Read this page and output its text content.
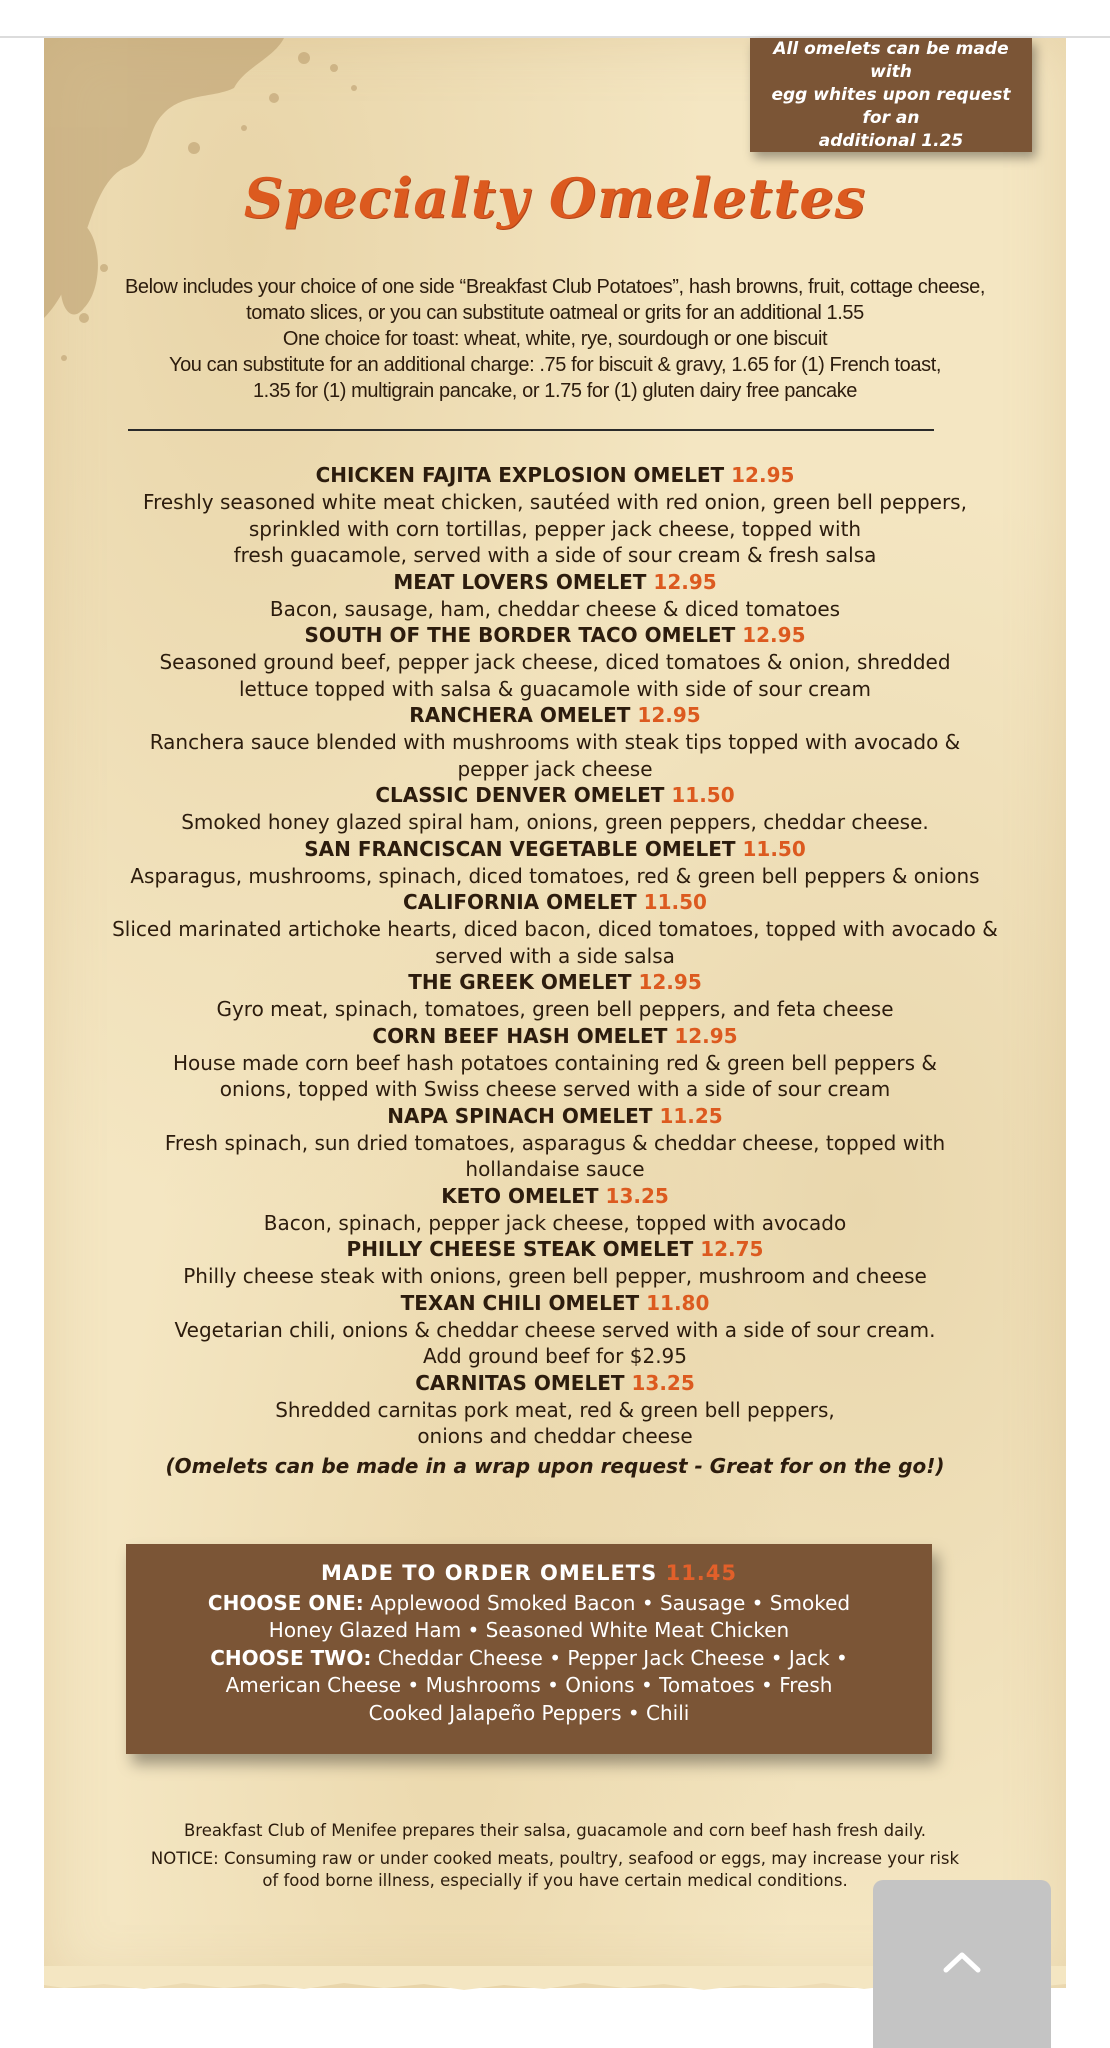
All omelets can be made with
egg whites upon request for an
additional 1.25
Specialty Omelettes
Below includes your choice of one side “Breakfast Club Potatoes”, hash browns, fruit, cottage cheese,
tomato slices, or you can substitute oatmeal or grits for an additional 1.55
One choice for toast: wheat, white, rye, sourdough or one biscuit
You can substitute for an additional charge: .75 for biscuit & gravy, 1.65 for (1) French toast,
1.35 for (1) multigrain pancake, or 1.75 for (1) gluten dairy free pancake
CHICKEN FAJITA EXPLOSION OMELET 12.95
Freshly seasoned white meat chicken, sautéed with red onion, green bell peppers,
sprinkled with corn tortillas, pepper jack cheese, topped with
fresh guacamole, served with a side of sour cream & fresh salsa
MEAT LOVERS OMELET 12.95
Bacon, sausage, ham, cheddar cheese & diced tomatoes
SOUTH OF THE BORDER TACO OMELET 12.95
Seasoned ground beef, pepper jack cheese, diced tomatoes & onion, shredded
lettuce topped with salsa & guacamole with side of sour cream
RANCHERA OMELET 12.95
Ranchera sauce blended with mushrooms with steak tips topped with avocado &
pepper jack cheese
CLASSIC DENVER OMELET 11.50
Smoked honey glazed spiral ham, onions, green peppers, cheddar cheese.
SAN FRANCISCAN VEGETABLE OMELET 11.50
Asparagus, mushrooms, spinach, diced tomatoes, red & green bell peppers & onions
CALIFORNIA OMELET 11.50
Sliced marinated artichoke hearts, diced bacon, diced tomatoes, topped with avocado &
served with a side salsa
THE GREEK OMELET 12.95
Gyro meat, spinach, tomatoes, green bell peppers, and feta cheese
CORN BEEF HASH OMELET 12.95
House made corn beef hash potatoes containing red & green bell peppers &
onions, topped with Swiss cheese served with a side of sour cream
NAPA SPINACH OMELET 11.25
Fresh spinach, sun dried tomatoes, asparagus & cheddar cheese, topped with
hollandaise sauce
KETO OMELET 13.25
Bacon, spinach, pepper jack cheese, topped with avocado
PHILLY CHEESE STEAK OMELET 12.75
Philly cheese steak with onions, green bell pepper, mushroom and cheese
TEXAN CHILI OMELET 11.80
Vegetarian chili, onions & cheddar cheese served with a side of sour cream.
Add ground beef for $2.95
CARNITAS OMELET 13.25
Shredded carnitas pork meat, red & green bell peppers,
onions and cheddar cheese
(Omelets can be made in a wrap upon request - Great for on the go!)
MADE TO ORDER OMELETS 11.45
CHOOSE ONE: Applewood Smoked Bacon • Sausage • Smoked
Honey Glazed Ham • Seasoned White Meat Chicken
CHOOSE TWO: Cheddar Cheese • Pepper Jack Cheese • Jack •
American Cheese • Mushrooms • Onions • Tomatoes • Fresh
Cooked Jalapeño Peppers • Chili
Breakfast Club of Menifee prepares their salsa, guacamole and corn beef hash fresh daily.
NOTICE: Consuming raw or under cooked meats, poultry, seafood or eggs, may increase your risk
of food borne illness, especially if you have certain medical conditions.
